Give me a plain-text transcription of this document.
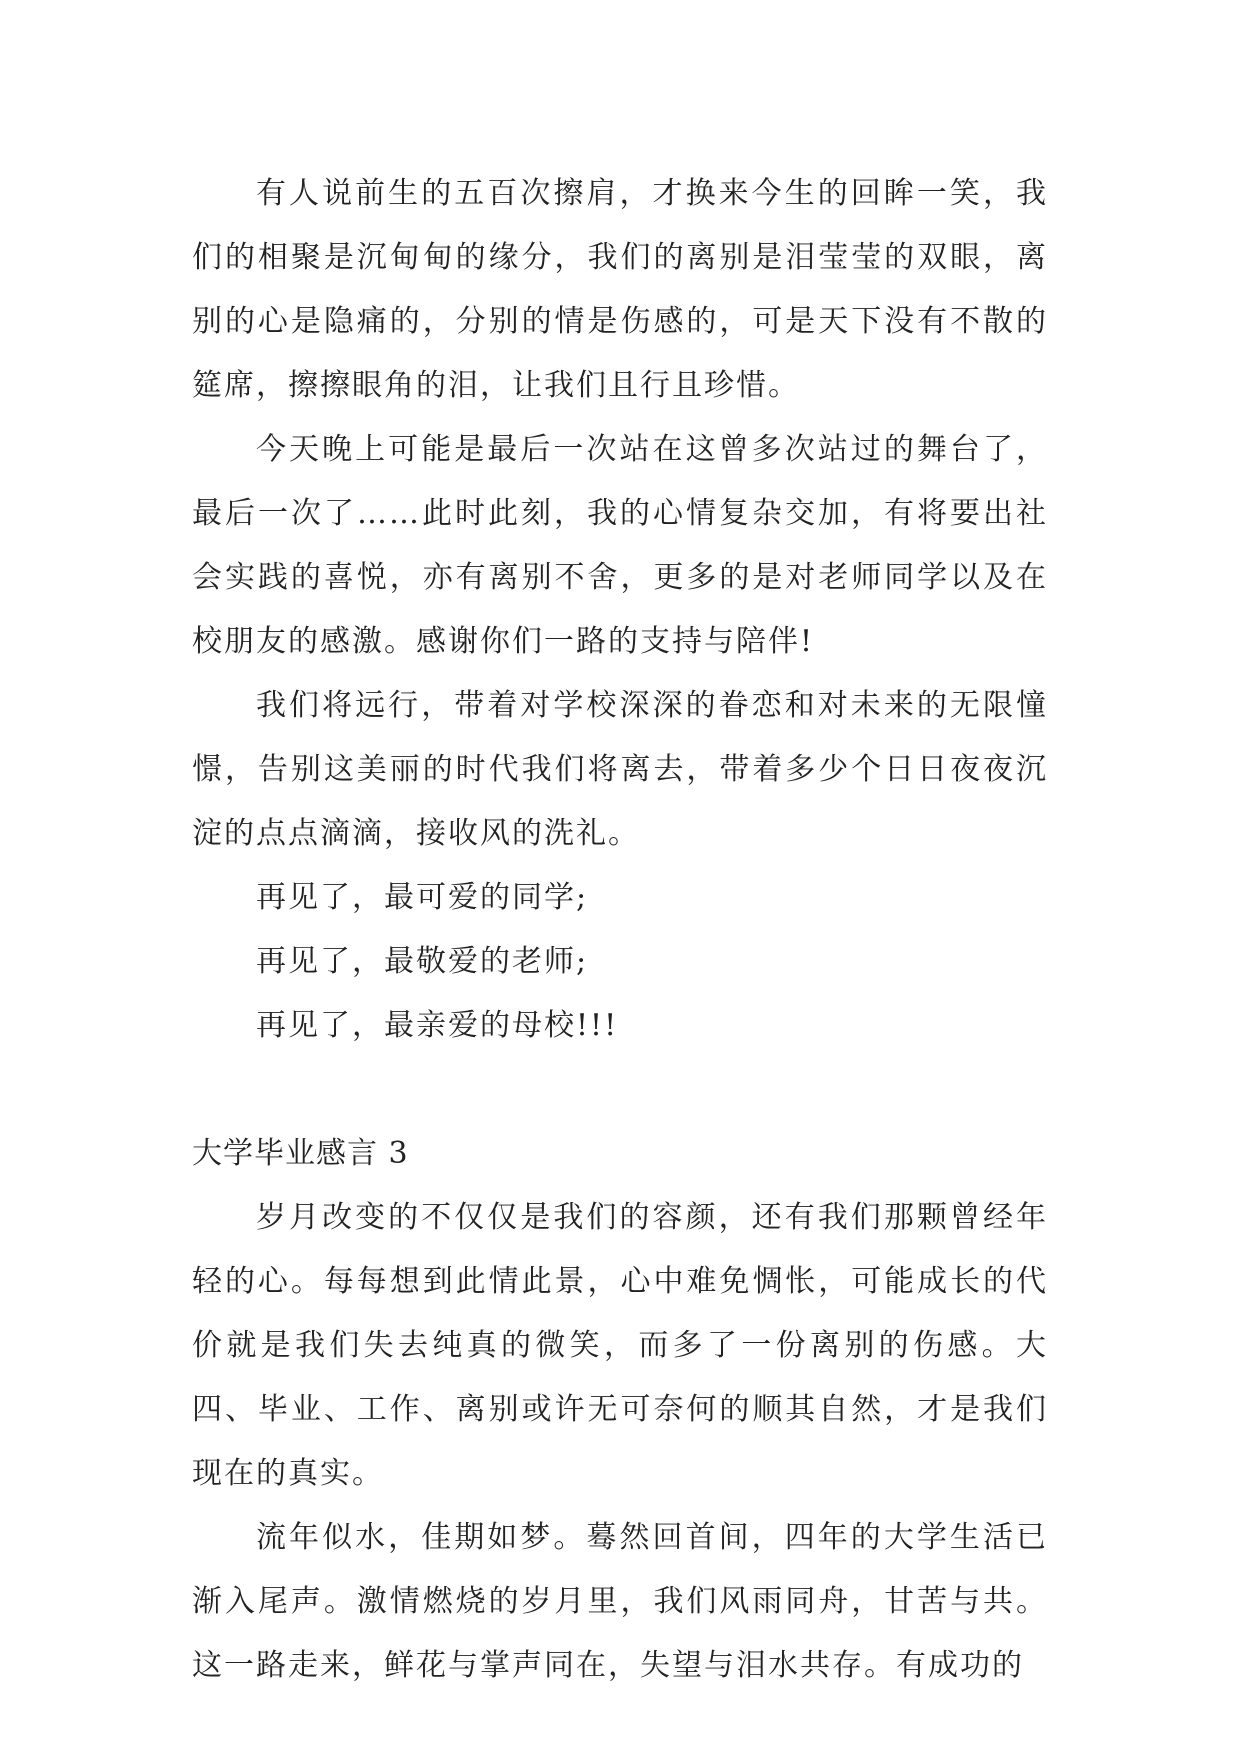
有人说前生的五百次擦肩，才换来今生的回眸一笑，我们的相聚是沉甸甸的缘分，我们的离别是泪莹莹的双眼，离别的心是隐痛的，分别的情是伤感的，可是天下没有不散的筵席，擦擦眼角的泪，让我们且行且珍惜。

今天晚上可能是最后一次站在这曾多次站过的舞台了，最后一次了……此时此刻，我的心情复杂交加，有将要出社会实践的喜悦，亦有离别不舍，更多的是对老师同学以及在校朋友的感激。感谢你们一路的支持与陪伴!

我们将远行，带着对学校深深的眷恋和对未来的无限憧憬，告别这美丽的时代我们将离去，带着多少个日日夜夜沉淀的点点滴滴，接收风的洗礼。

再见了，最可爱的同学;

再见了，最敬爱的老师;

再见了，最亲爱的母校!!!

大学毕业感言 3

岁月改变的不仅仅是我们的容颜，还有我们那颗曾经年轻的心。每每想到此情此景，心中难免惆怅，可能成长的代价就是我们失去纯真的微笑，而多了一份离别的伤感。大四、毕业、工作、离别或许无可奈何的顺其自然，才是我们现在的真实。

流年似水，佳期如梦。蓦然回首间，四年的大学生活已渐入尾声。激情燃烧的岁月里，我们风雨同舟，甘苦与共。这一路走来，鲜花与掌声同在，失望与泪水共存。有成功的
